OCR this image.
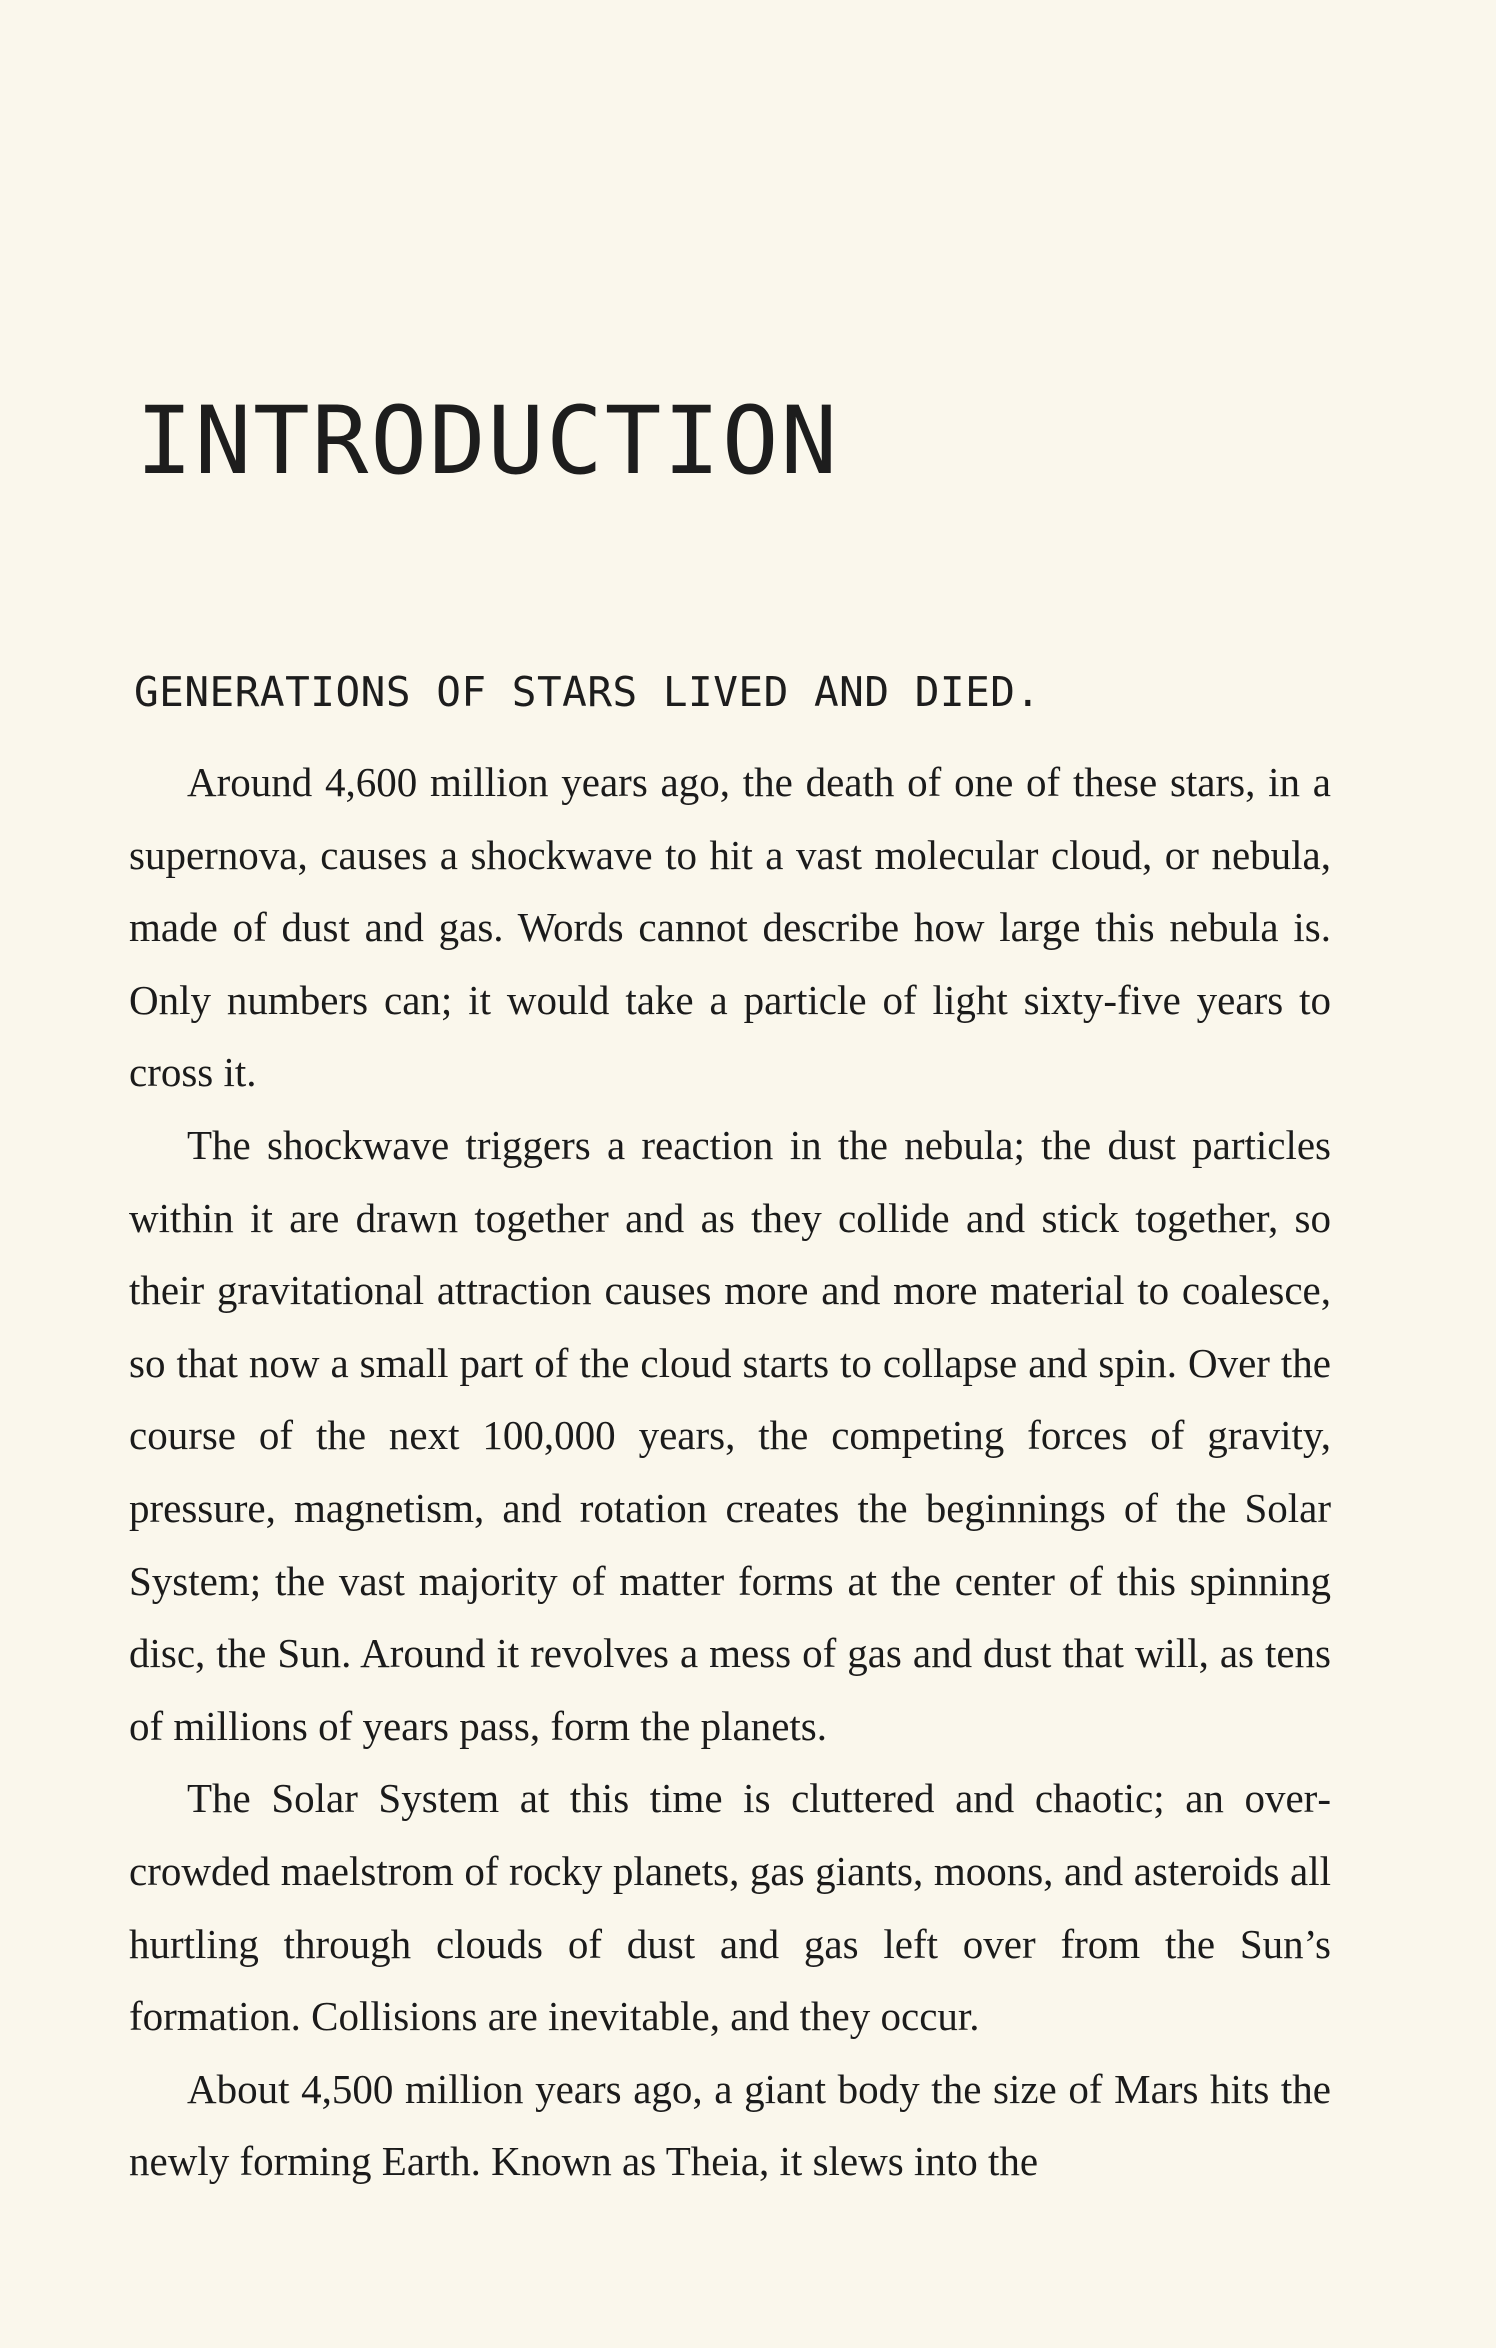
INTRODUCTION

GENERATIONS OF STARS LIVED AND DIED.

Around 4,600 million years ago, the death of one of these stars, in a supernova, causes a shockwave to hit a vast molecular cloud, or nebula, made of dust and gas. Words cannot describe how large this nebula is. Only numbers can; it would take a particle of light sixty-five years to cross it.

The shockwave triggers a reaction in the nebula; the dust particles within it are drawn together and as they collide and stick together, so their gravitational attraction causes more and more material to coalesce, so that now a small part of the cloud starts to collapse and spin. Over the course of the next 100,000 years, the competing forces of gravity, pressure, magnetism, and rotation creates the beginnings of the Solar System; the vast majority of matter forms at the center of this spinning disc, the Sun. Around it revolves a mess of gas and dust that will, as tens of millions of years pass, form the planets.

The Solar System at this time is cluttered and chaotic; an overcrowded maelstrom of rocky planets, gas giants, moons, and asteroids all hurtling through clouds of dust and gas left over from the Sun’s formation. Collisions are inevitable, and they occur.

About 4,500 million years ago, a giant body the size of Mars hits the newly forming Earth. Known as Theia, it slews into the
